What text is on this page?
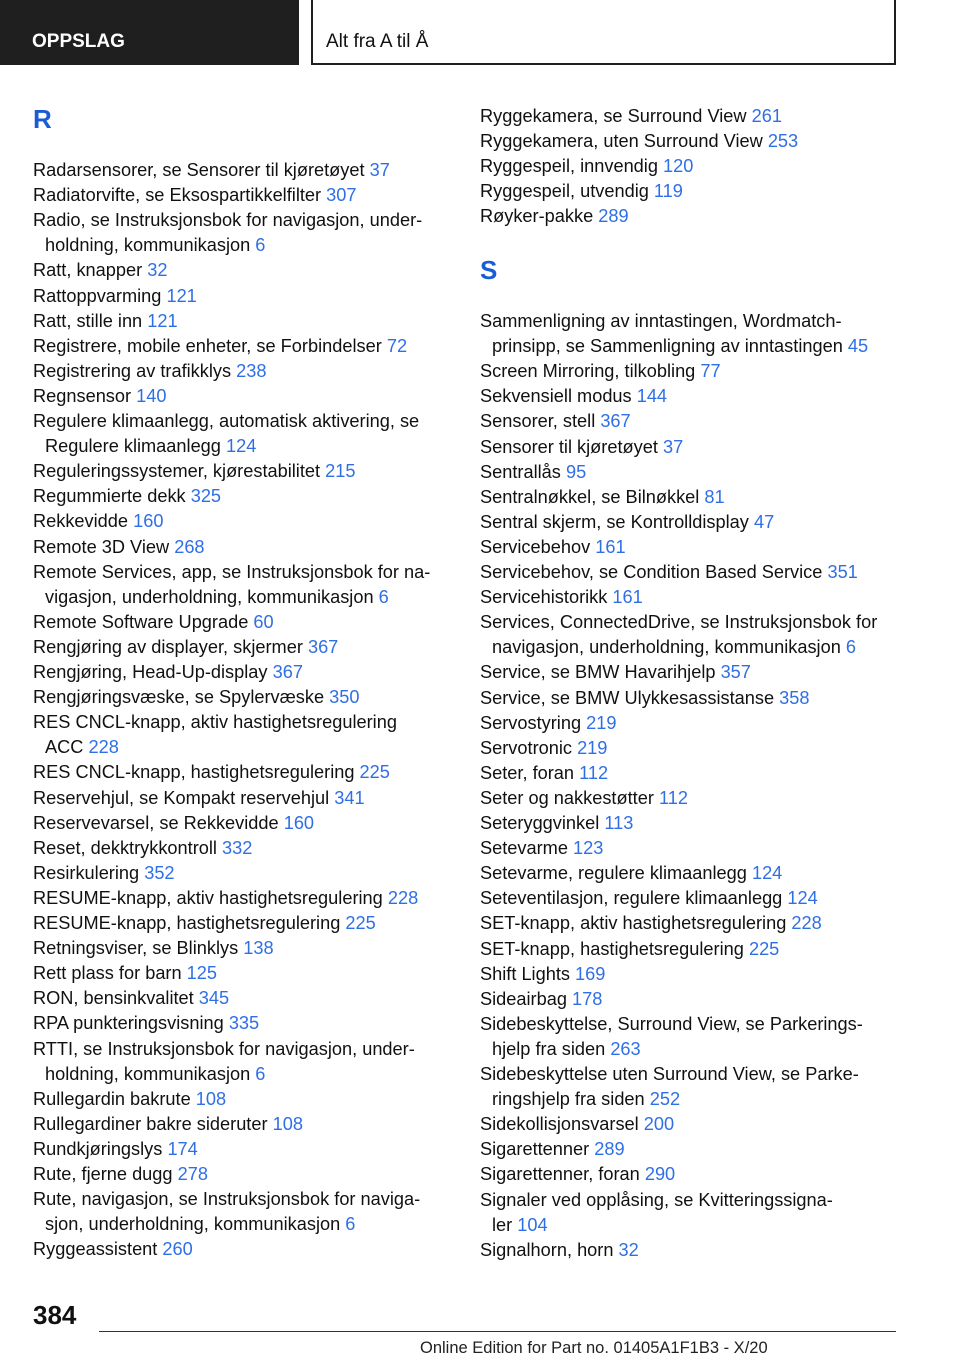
OPPSLAG	Alt fra A til Å
R
Radarsensorer, se Sensorer til kjøretøyet 37
Radiatorvifte, se Eksospartikkelfilter 307
Radio, se Instruksjonsbok for navigasjon, under-

holdning, kommunikasjon 6
Ratt, knapper 32
Rattoppvarming 121
Ratt, stille inn 121
Registrere, mobile enheter, se Forbindelser 72
Registrering av trafikklys 238
Regnsensor 140
Regulere klimaanlegg, automatisk aktivering, se

Regulere klimaanlegg 124
Reguleringssystemer, kjørestabilitet 215
Regummierte dekk 325
Rekkevidde 160
Remote 3D View 268
Remote Services, app, se Instruksjonsbok for na-

vigasjon, underholdning, kommunikasjon 6
Remote Software Upgrade 60
Rengjøring av displayer, skjermer 367
Rengjøring, Head-Up-display 367
Rengjøringsvæske, se Spylervæske 350
RES CNCL-knapp, aktiv hastighetsregulering

ACC 228
RES CNCL-knapp, hastighetsregulering 225
Reservehjul, se Kompakt reservehjul 341
Reservevarsel, se Rekkevidde 160
Reset, dekktrykkontroll 332
Resirkulering 352
RESUME-knapp, aktiv hastighetsregulering 228
RESUME-knapp, hastighetsregulering 225
Retningsviser, se Blinklys 138
Rett plass for barn 125
RON, bensinkvalitet 345
RPA punkteringsvisning 335
RTTI, se Instruksjonsbok for navigasjon, under-

holdning, kommunikasjon 6
Rullegardin bakrute 108
Rullegardiner bakre sideruter 108
Rundkjøringslys 174
Rute, fjerne dugg 278
Rute, navigasjon, se Instruksjonsbok for naviga-

sjon, underholdning, kommunikasjon 6
Ryggeassistent 260
Ryggekamera, se Surround View 261
Ryggekamera, uten Surround View 253
Ryggespeil, innvendig 120
Ryggespeil, utvendig 119
Røyker-pakke 289
S
Sammenligning av inntastingen, Wordmatch-

prinsipp, se Sammenligning av inntastingen 45
Screen Mirroring, tilkobling 77
Sekvensiell modus 144
Sensorer, stell 367
Sensorer til kjøretøyet 37
Sentrallås 95
Sentralnøkkel, se Bilnøkkel 81
Sentral skjerm, se Kontrolldisplay 47
Servicebehov 161
Servicebehov, se Condition Based Service 351
Servicehistorikk 161
Services, ConnectedDrive, se Instruksjonsbok for

navigasjon, underholdning, kommunikasjon 6
Service, se BMW Havarihjelp 357
Service, se BMW Ulykkesassistanse 358
Servostyring 219
Servotronic 219
Seter, foran 112
Seter og nakkestøtter 112
Seteryggvinkel 113
Setevarme 123
Setevarme, regulere klimaanlegg 124
Seteventilasjon, regulere klimaanlegg 124
SET-knapp, aktiv hastighetsregulering 228
SET-knapp, hastighetsregulering 225
Shift Lights 169
Sideairbag 178
Sidebeskyttelse, Surround View, se Parkerings-

hjelp fra siden 263
Sidebeskyttelse uten Surround View, se Parke-

ringshjelp fra siden 252
Sidekollisjonsvarsel 200
Sigarettenner 289
Sigarettenner, foran 290
Signaler ved opplåsing, se Kvitteringssigna-

ler 104
Signalhorn, horn 32
384
Online Edition for Part no. 01405A1F1B3 - X/20
